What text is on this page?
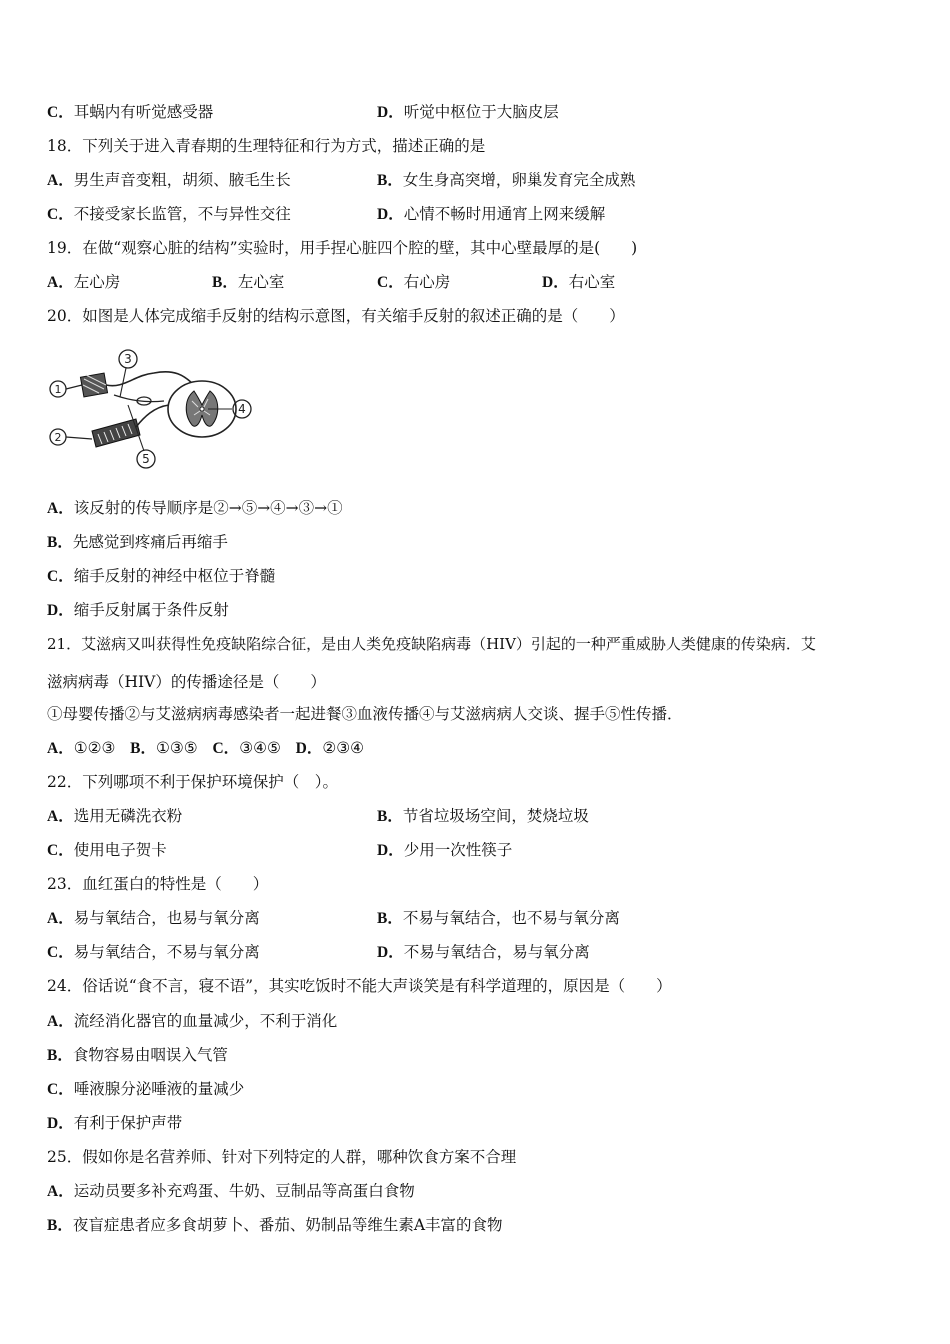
C．耳蜗内有听觉感受器	D．听觉中枢位于大脑皮层
18．下列关于进入青春期的生理特征和行为方式，描述正确的是
A．男生声音变粗，胡须、腋毛生长	B．女生身高突增，卵巢发育完全成熟
C．不接受家长监管，不与异性交往	D．心情不畅时用通宵上网来缓解
19．在做“观察心脏的结构”实验时，用手捏心脏四个腔的壁，其中心壁最厚的是(　　)
A．左心房	B．左心室	C．右心房	D．右心室
20．如图是人体完成缩手反射的结构示意图，有关缩手反射的叙述正确的是（　　）
1
2
3
4
5
A．该反射的传导顺序是②→⑤→④→③→①
B．先感觉到疼痛后再缩手
C．缩手反射的神经中枢位于脊髓
D．缩手反射属于条件反射
21．艾滋病又叫获得性免疫缺陷综合征，是由人类免疫缺陷病毒（HIV）引起的一种严重威胁人类健康的传染病．艾
滋病病毒（HIV）的传播途径是（　　）
①母婴传播②与艾滋病病毒感染者一起进餐③血液传播④与艾滋病病人交谈、握手⑤性传播．
A．①②③ B．①③⑤ C．③④⑤ D．②③④
22．下列哪项不利于保护环境保护（　）。
A．选用无磷洗衣粉	B．节省垃圾场空间，焚烧垃圾
C．使用电子贺卡	D．少用一次性筷子
23．血红蛋白的特性是（　　）
A．易与氧结合，也易与氧分离	B．不易与氧结合，也不易与氧分离
C．易与氧结合，不易与氧分离	D．不易与氧结合，易与氧分离
24．俗话说“食不言，寝不语”，其实吃饭时不能大声谈笑是有科学道理的，原因是（　　）
A．流经消化器官的血量减少，不利于消化
B．食物容易由咽误入气管
C．唾液腺分泌唾液的量减少
D．有利于保护声带
25．假如你是名营养师、针对下列特定的人群，哪种饮食方案不合理
A．运动员要多补充鸡蛋、牛奶、豆制品等高蛋白食物
B．夜盲症患者应多食胡萝卜、番茄、奶制品等维生素A丰富的食物
